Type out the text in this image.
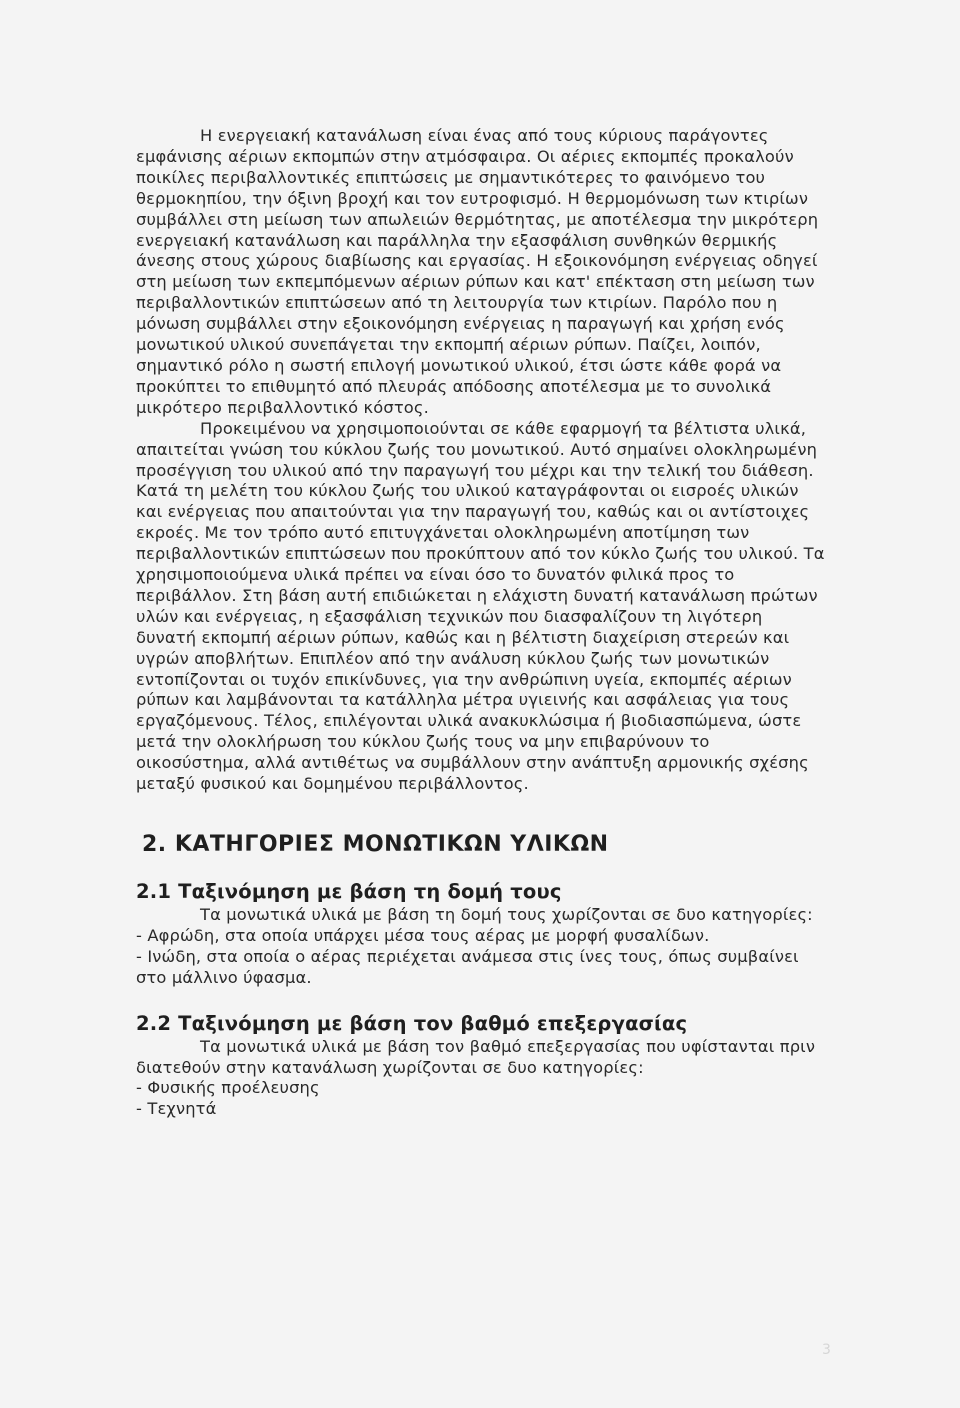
Η ενεργειακή κατανάλωση είναι ένας από τους κύριους παράγοντες εμφάνισης αέριων εκπομπών στην ατμόσφαιρα. Οι αέριες εκπομπές προκαλούν ποικίλες περιβαλλοντικές επιπτώσεις με σημαντικότερες το φαινόμενο του θερμοκηπίου, την όξινη βροχή και τον ευτροφισμό. Η θερμομόνωση των κτιρίων συμβάλλει στη μείωση των απωλειών θερμότητας, με αποτέλεσμα την μικρότερη ενεργειακή κατανάλωση και παράλληλα την εξασφάλιση συνθηκών θερμικής άνεσης στους χώρους διαβίωσης και εργασίας. Η εξοικονόμηση ενέργειας οδηγεί στη μείωση των εκπεμπόμενων αέριων ρύπων και κατ' επέκταση στη μείωση των περιβαλλοντικών επιπτώσεων από τη λειτουργία των κτιρίων. Παρόλο που η μόνωση συμβάλλει στην εξοικονόμηση ενέργειας η παραγωγή και χρήση ενός μονωτικού υλικού συνεπάγεται την εκπομπή αέριων ρύπων. Παίζει, λοιπόν, σημαντικό ρόλο η σωστή επιλογή μονωτικού υλικού, έτσι ώστε κάθε φορά να προκύπτει το επιθυμητό από πλευράς απόδοσης αποτέλεσμα με το συνολικά μικρότερο περιβαλλοντικό κόστος.

Προκειμένου να χρησιμοποιούνται σε κάθε εφαρμογή τα βέλτιστα υλικά, απαιτείται γνώση του κύκλου ζωής του μονωτικού. Αυτό σημαίνει ολοκληρωμένη προσέγγιση του υλικού από την παραγωγή του μέχρι και την τελική του διάθεση. Κατά τη μελέτη του κύκλου ζωής του υλικού καταγράφονται οι εισροές υλικών και ενέργειας που απαιτούνται για την παραγωγή του, καθώς και οι αντίστοιχες εκροές. Με τον τρόπο αυτό επιτυγχάνεται ολοκληρωμένη αποτίμηση των περιβαλλοντικών επιπτώσεων που προκύπτουν από τον κύκλο ζωής του υλικού. Τα χρησιμοποιούμενα υλικά πρέπει να είναι όσο το δυνατόν φιλικά προς το περιβάλλον. Στη βάση αυτή επιδιώκεται η ελάχιστη δυνατή κατανάλωση πρώτων υλών και ενέργειας, η εξασφάλιση τεχνικών που διασφαλίζουν τη λιγότερη δυνατή εκπομπή αέριων ρύπων, καθώς και η βέλτιστη διαχείριση στερεών και υγρών αποβλήτων. Επιπλέον από την ανάλυση κύκλου ζωής των μονωτικών εντοπίζονται οι τυχόν επικίνδυνες, για την ανθρώπινη υγεία, εκπομπές αέριων ρύπων και λαμβάνονται τα κατάλληλα μέτρα υγιεινής και ασφάλειας για τους εργαζόμενους. Τέλος, επιλέγονται υλικά ανακυκλώσιμα ή βιοδιασπώμενα, ώστε μετά την ολοκλήρωση του κύκλου ζωής τους να μην επιβαρύνουν το οικοσύστημα, αλλά αντιθέτως να συμβάλλουν στην ανάπτυξη αρμονικής σχέσης μεταξύ φυσικού και δομημένου περιβάλλοντος.

2. ΚΑΤΗΓΟΡΙΕΣ ΜΟΝΩΤΙΚΩΝ ΥΛΙΚΩΝ
2.1 Ταξινόμηση με βάση τη δομή τους

Τα μονωτικά υλικά με βάση τη δομή τους χωρίζονται σε δυο κατηγορίες:

- Αφρώδη, στα οποία υπάρχει μέσα τους αέρας με μορφή φυσαλίδων.

- Ινώδη, στα οποία ο αέρας περιέχεται ανάμεσα στις ίνες τους, όπως συμβαίνει στο μάλλινο ύφασμα.

2.2 Ταξινόμηση με βάση τον βαθμό επεξεργασίας

Τα μονωτικά υλικά με βάση τον βαθμό επεξεργασίας που υφίστανται πριν διατεθούν στην κατανάλωση χωρίζονται σε δυο κατηγορίες:

- Φυσικής προέλευσης

- Τεχνητά

3
